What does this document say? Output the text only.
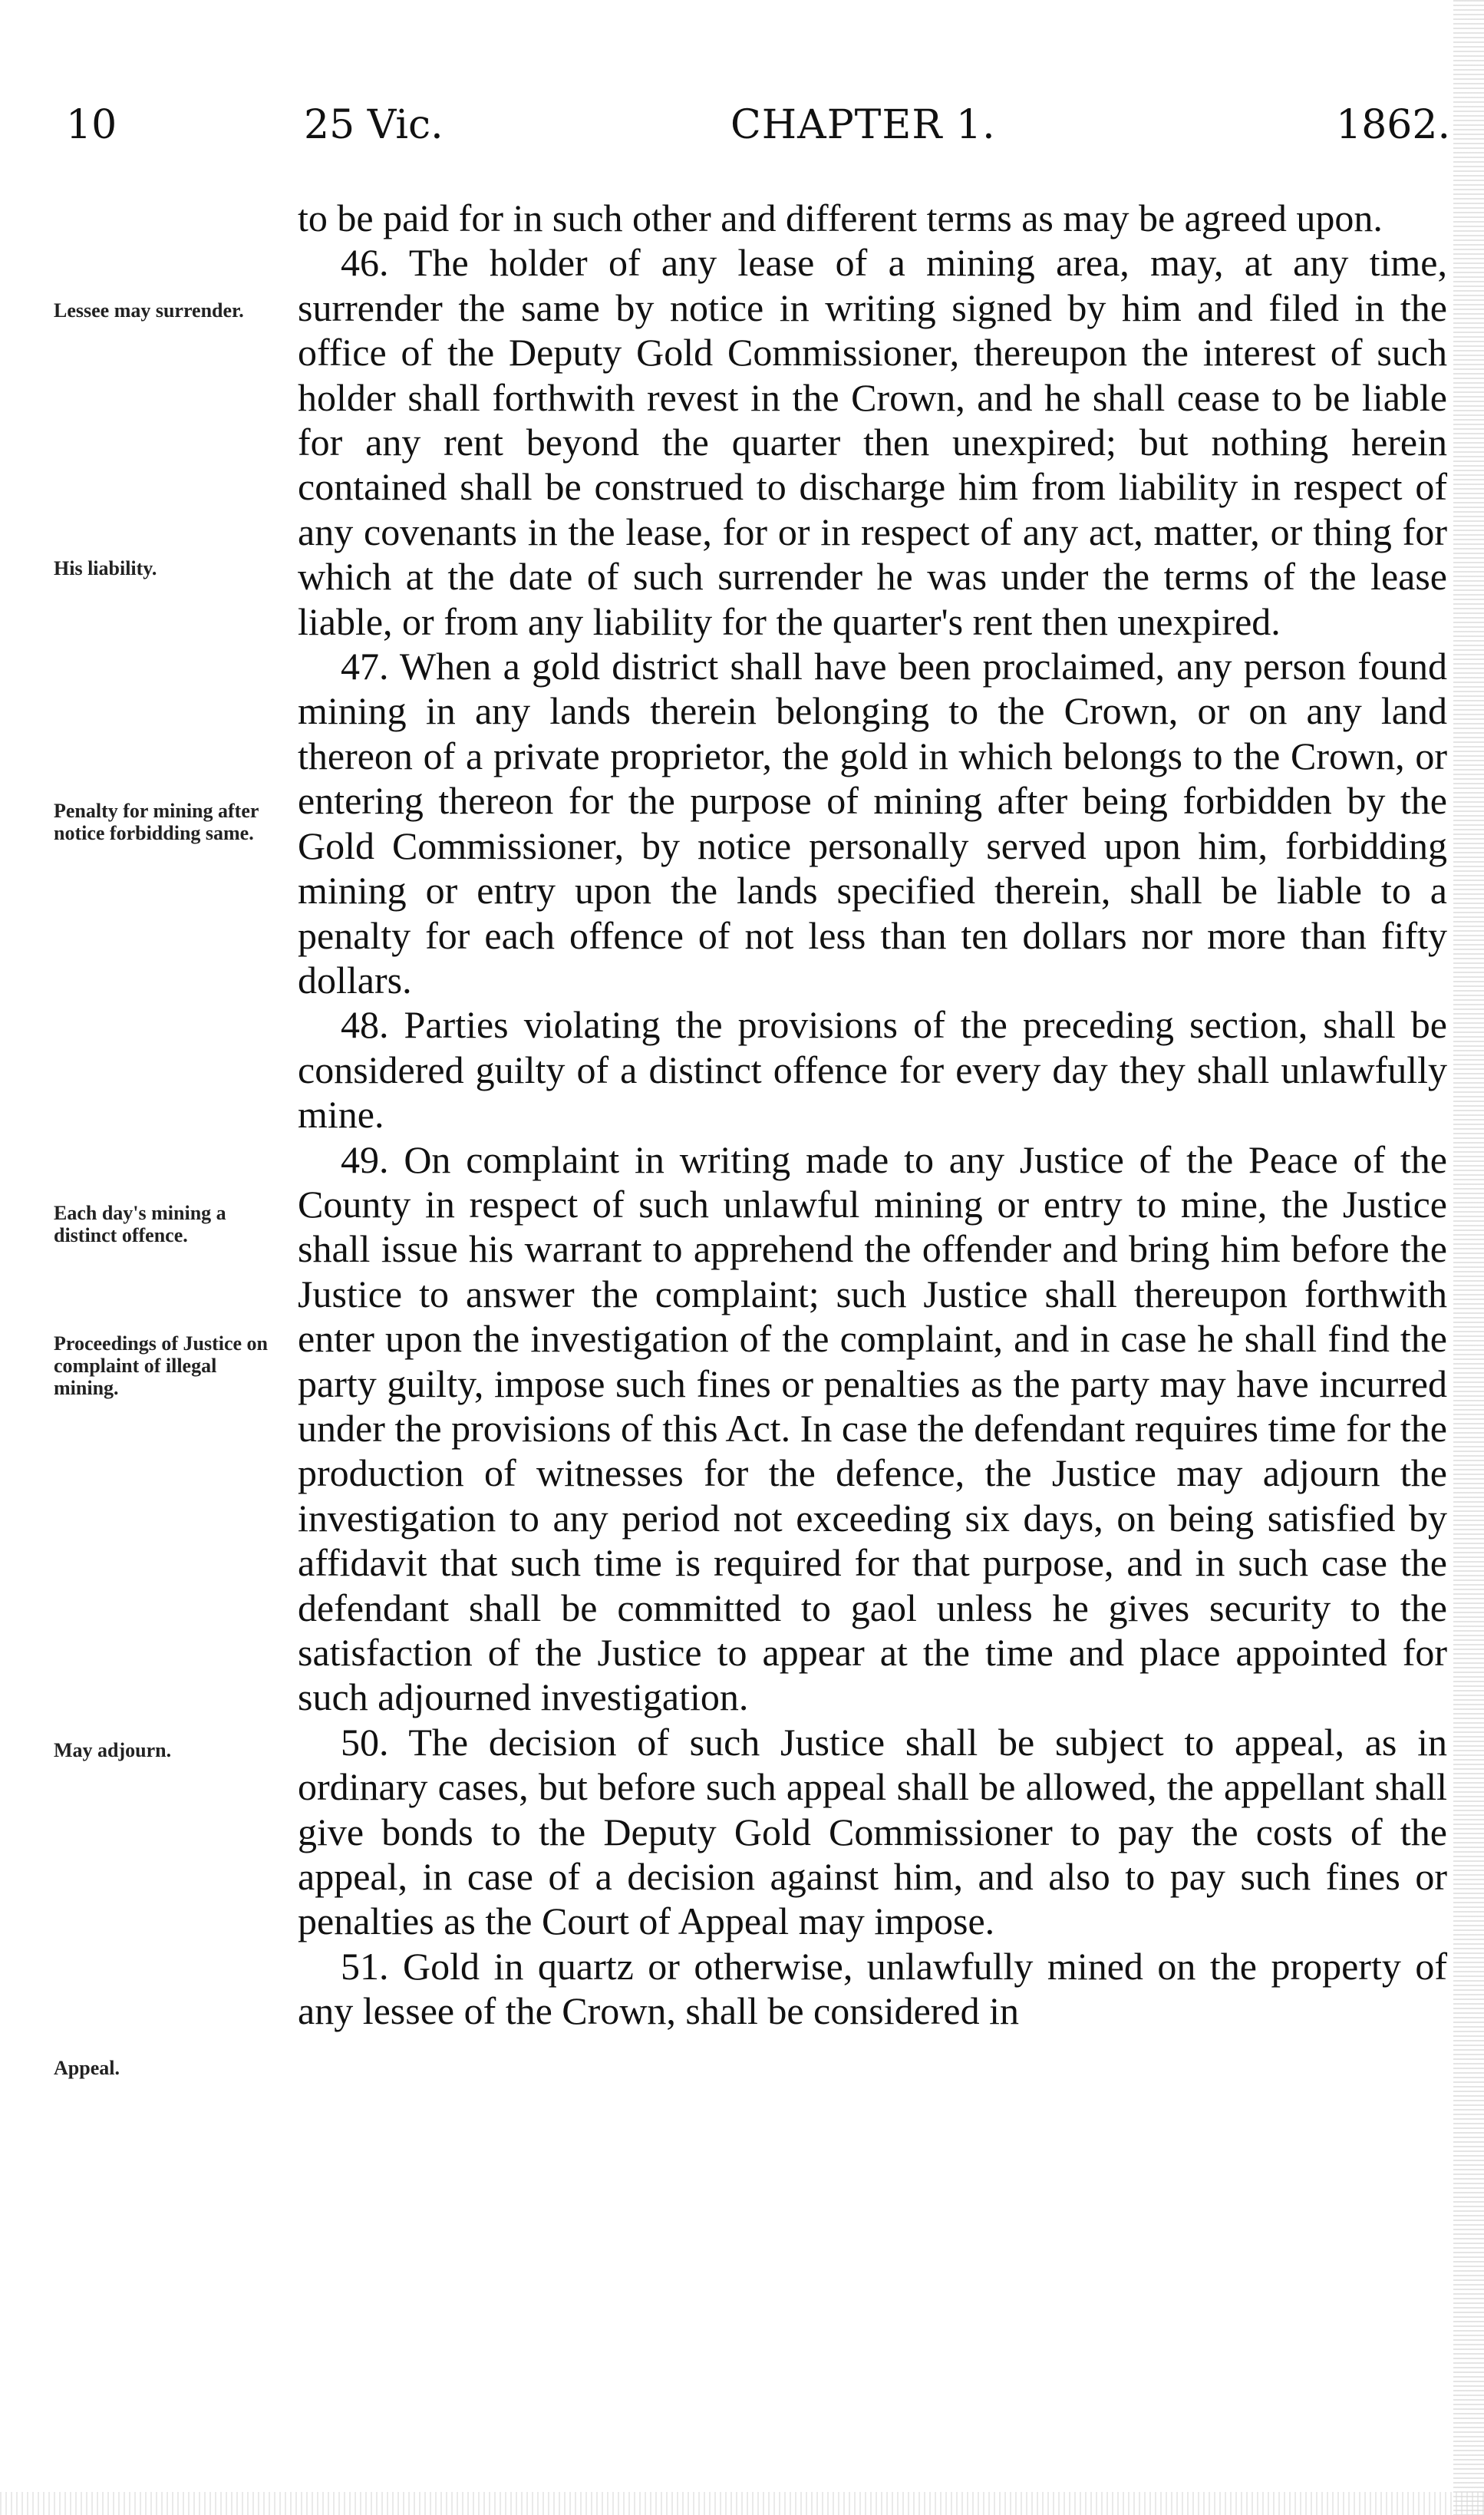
10	25 Vic.	CHAPTER 1.	1862.
Lessee may surrender.
His liability.
Penalty for mining after notice forbidding same.
Each day's mining a distinct offence.
Proceedings of Justice on complaint of illegal mining.
May adjourn.
Appeal.

to be paid for in such other and different terms as may be agreed upon.

46. The holder of any lease of a mining area, may, at any time, surrender the same by notice in writing signed by him and filed in the office of the Deputy Gold Commissioner, thereupon the interest of such holder shall forthwith revest in the Crown, and he shall cease to be liable for any rent beyond the quarter then unexpired; but nothing herein contained shall be construed to discharge him from liability in respect of any covenants in the lease, for or in respect of any act, matter, or thing for which at the date of such surrender he was under the terms of the lease liable, or from any liability for the quarter's rent then unexpired.

47. When a gold district shall have been proclaimed, any person found mining in any lands therein belonging to the Crown, or on any land thereon of a private proprietor, the gold in which belongs to the Crown, or entering thereon for the purpose of mining after being forbidden by the Gold Commissioner, by notice personally served upon him, forbidding mining or entry upon the lands specified therein, shall be liable to a penalty for each offence of not less than ten dollars nor more than fifty dollars.

48. Parties violating the provisions of the preceding section, shall be considered guilty of a distinct offence for every day they shall unlawfully mine.

49. On complaint in writing made to any Justice of the Peace of the County in respect of such unlawful mining or entry to mine, the Justice shall issue his warrant to apprehend the offender and bring him before the Justice to answer the complaint; such Justice shall thereupon forthwith enter upon the investigation of the complaint, and in case he shall find the party guilty, impose such fines or penalties as the party may have incurred under the provisions of this Act. In case the defendant requires time for the production of witnesses for the defence, the Justice may adjourn the investigation to any period not exceeding six days, on being satisfied by affidavit that such time is required for that purpose, and in such case the defendant shall be committed to gaol unless he gives security to the satisfaction of the Justice to appear at the time and place appointed for such adjourned investigation.

50. The decision of such Justice shall be subject to appeal, as in ordinary cases, but before such appeal shall be allowed, the appellant shall give bonds to the Deputy Gold Commissioner to pay the costs of the appeal, in case of a decision against him, and also to pay such fines or penalties as the Court of Appeal may impose.

51. Gold in quartz or otherwise, unlawfully mined on the property of any lessee of the Crown, shall be considered in
